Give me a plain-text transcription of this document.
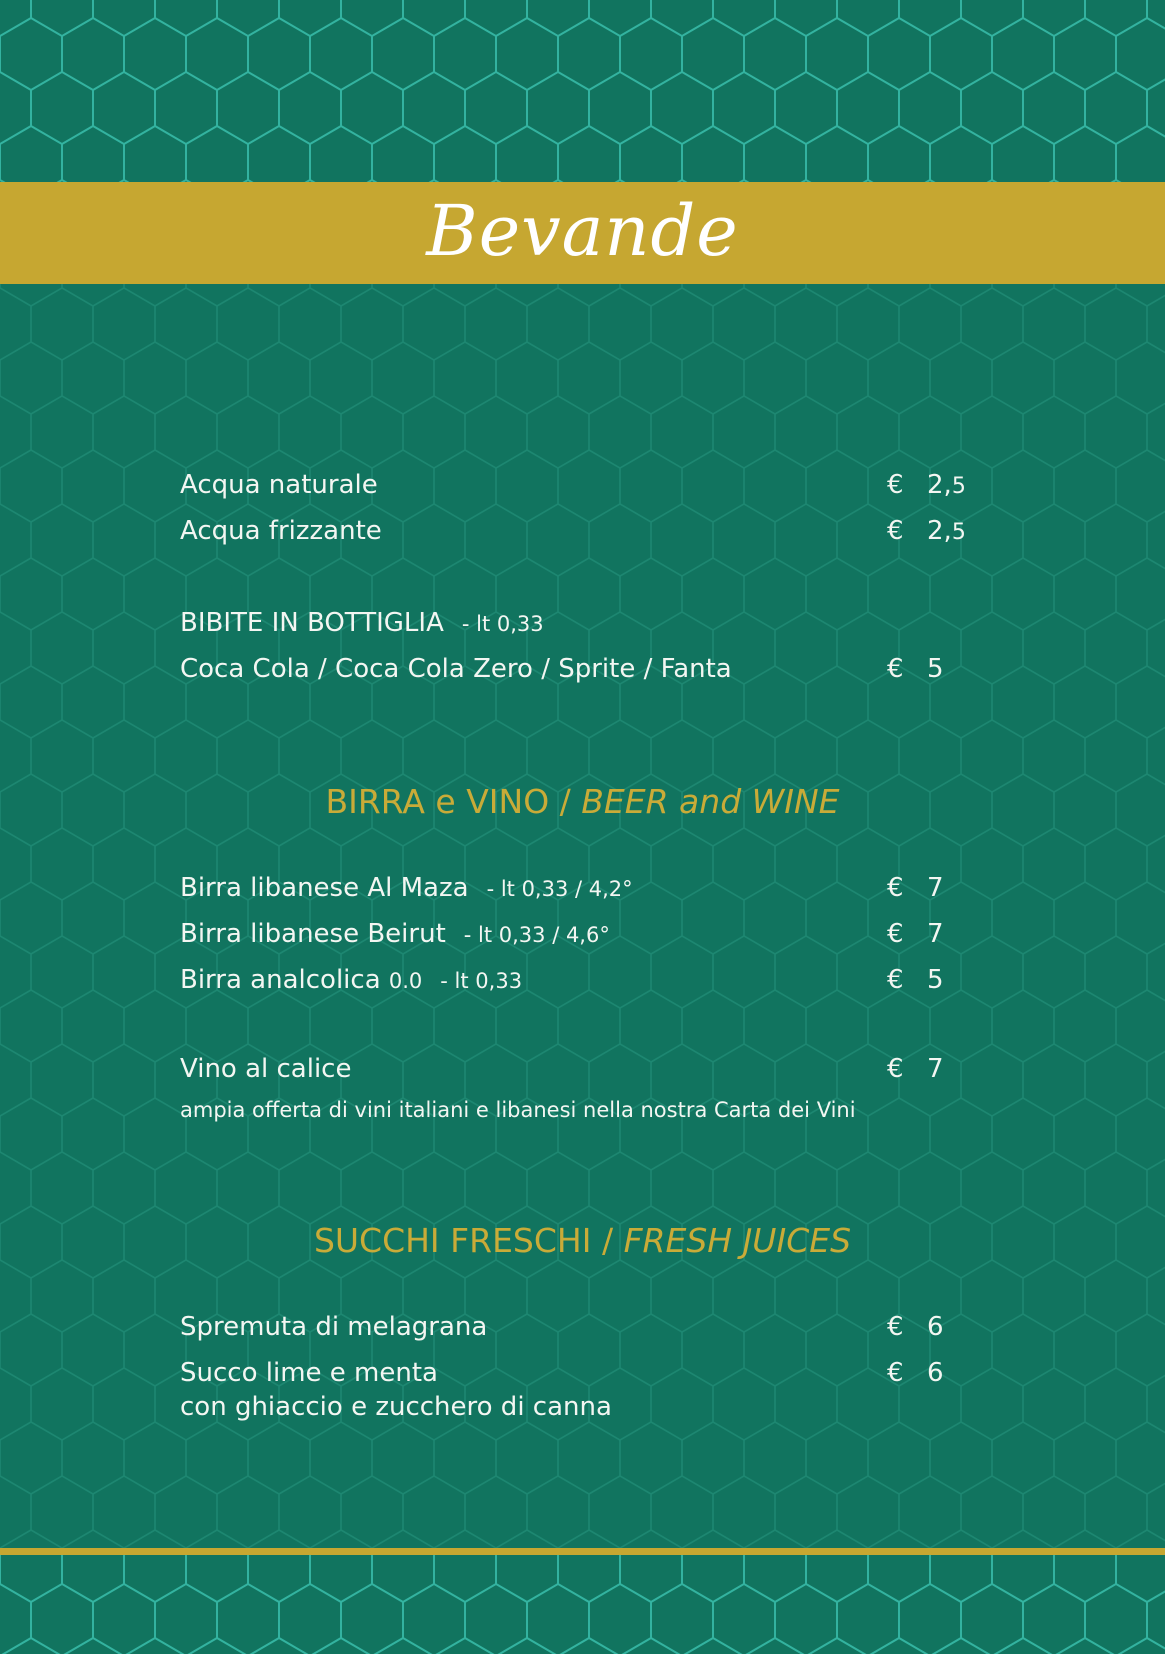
Bevande
Acqua naturale	€ 2,5
Acqua frizzante	€ 2,5
BIBITE IN BOTTIGLIA - lt 0,33
Coca Cola / Coca Cola Zero / Sprite / Fanta	€ 5
BIRRA e VINO / BEER and WINE
Birra libanese Al Maza - lt 0,33 / 4,2°	€ 7
Birra libanese Beirut - lt 0,33 / 4,6°	€ 7
Birra analcolica 0.0 - lt 0,33	€ 5
Vino al calice	€ 7
ampia offerta di vini italiani e libanesi nella nostra Carta dei Vini
SUCCHI FRESCHI / FRESH JUICES
Spremuta di melagrana	€ 6
Succo lime e menta	€ 6
con ghiaccio e zucchero di canna
